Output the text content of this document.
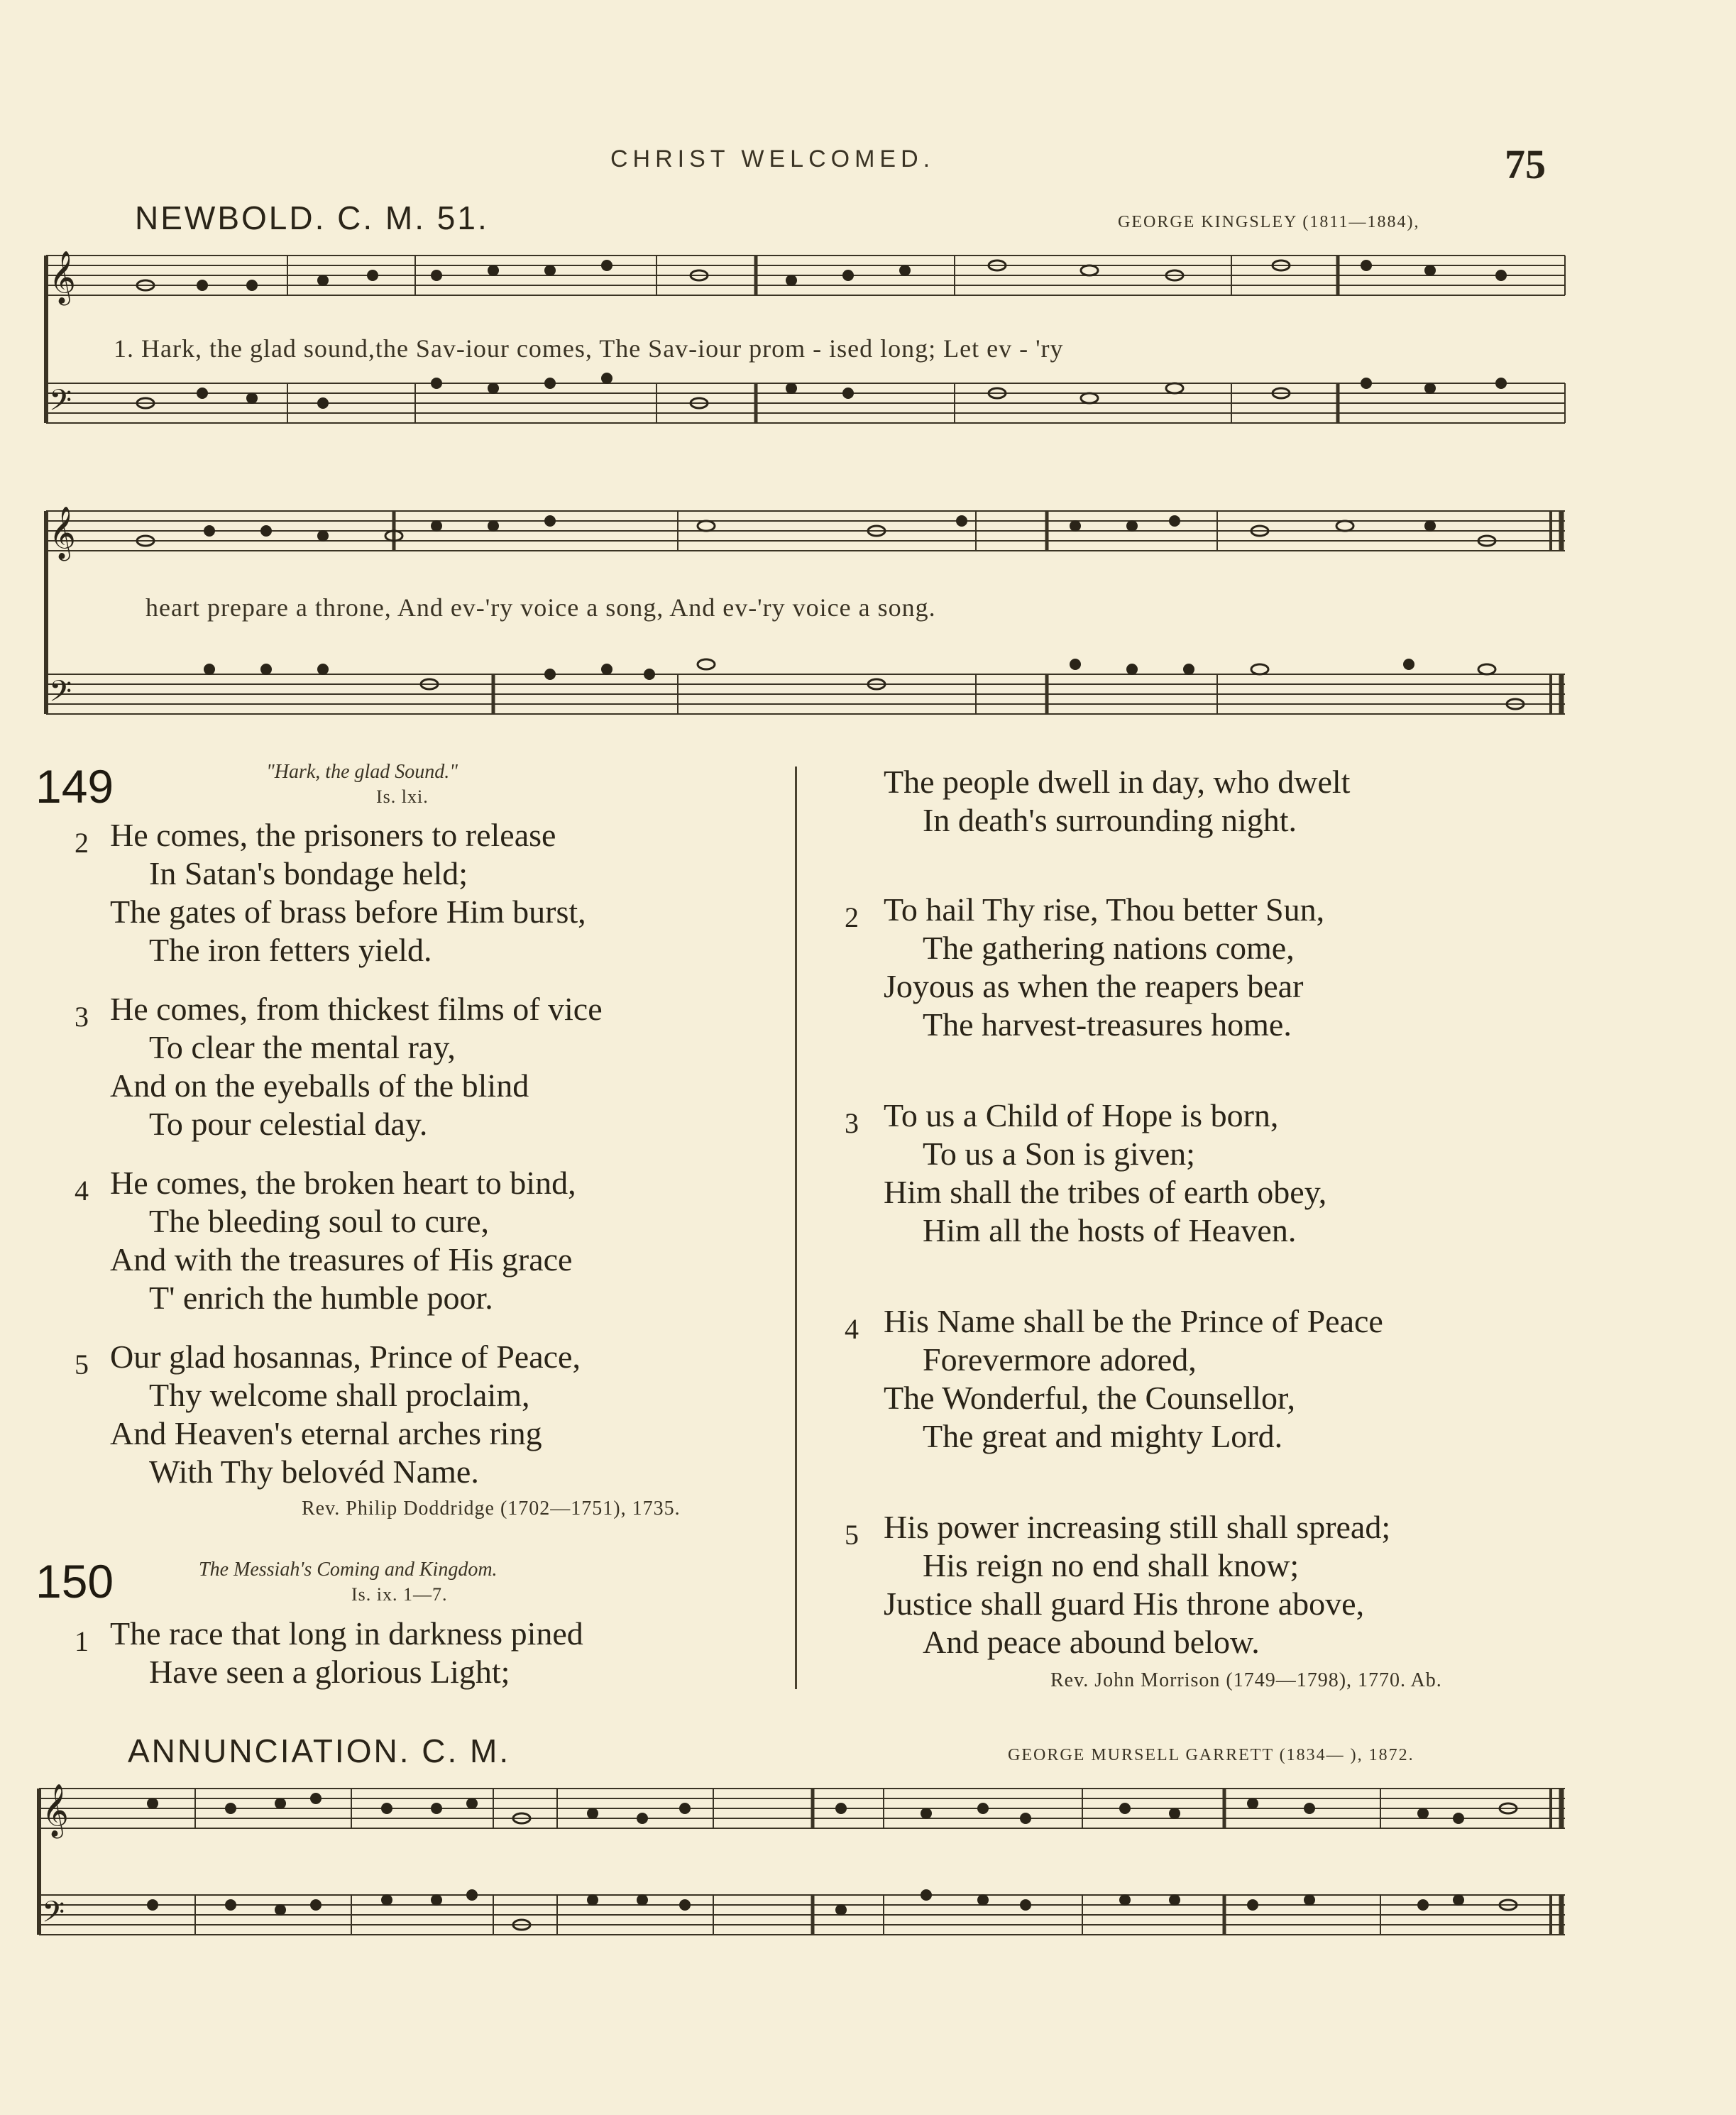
CHRIST WELCOMED.	75
NEWBOLD. C. M. 51.	GEORGE KINGSLEY (1811—1884),
𝄞
𝄢
1. Hark, the glad sound,the Sav-iour comes, The Sav-iour prom - ised long; Let ev - 'ry
𝄞
𝄢
heart prepare a throne, And ev-'ry voice a song, And ev-'ry voice a song.
149	"Hark, the glad Sound."
Is. lxi.
2 He comes, the prisoners to release
In Satan's bondage held;
The gates of brass before Him burst,
The iron fetters yield.
3 He comes, from thickest films of vice
To clear the mental ray,
And on the eyeballs of the blind
To pour celestial day.
4 He comes, the broken heart to bind,
The bleeding soul to cure,
And with the treasures of His grace
T' enrich the humble poor.
5 Our glad hosannas, Prince of Peace,
Thy welcome shall proclaim,
And Heaven's eternal arches ring
With Thy belovéd Name.
Rev. Philip Doddridge (1702—1751), 1735.
150	The Messiah's Coming and Kingdom.
Is. ix. 1—7.
1 The race that long in darkness pined
Have seen a glorious Light;
The people dwell in day, who dwelt
In death's surrounding night.
2 To hail Thy rise, Thou better Sun,
The gathering nations come,
Joyous as when the reapers bear
The harvest-treasures home.
3 To us a Child of Hope is born,
To us a Son is given;
Him shall the tribes of earth obey,
Him all the hosts of Heaven.
4 His Name shall be the Prince of Peace
Forevermore adored,
The Wonderful, the Counsellor,
The great and mighty Lord.
5 His power increasing still shall spread;
His reign no end shall know;
Justice shall guard His throne above,
And peace abound below.
Rev. John Morrison (1749—1798), 1770. Ab.
ANNUNCIATION. C. M.	GEORGE MURSELL GARRETT (1834— ), 1872.
𝄞
𝄢
